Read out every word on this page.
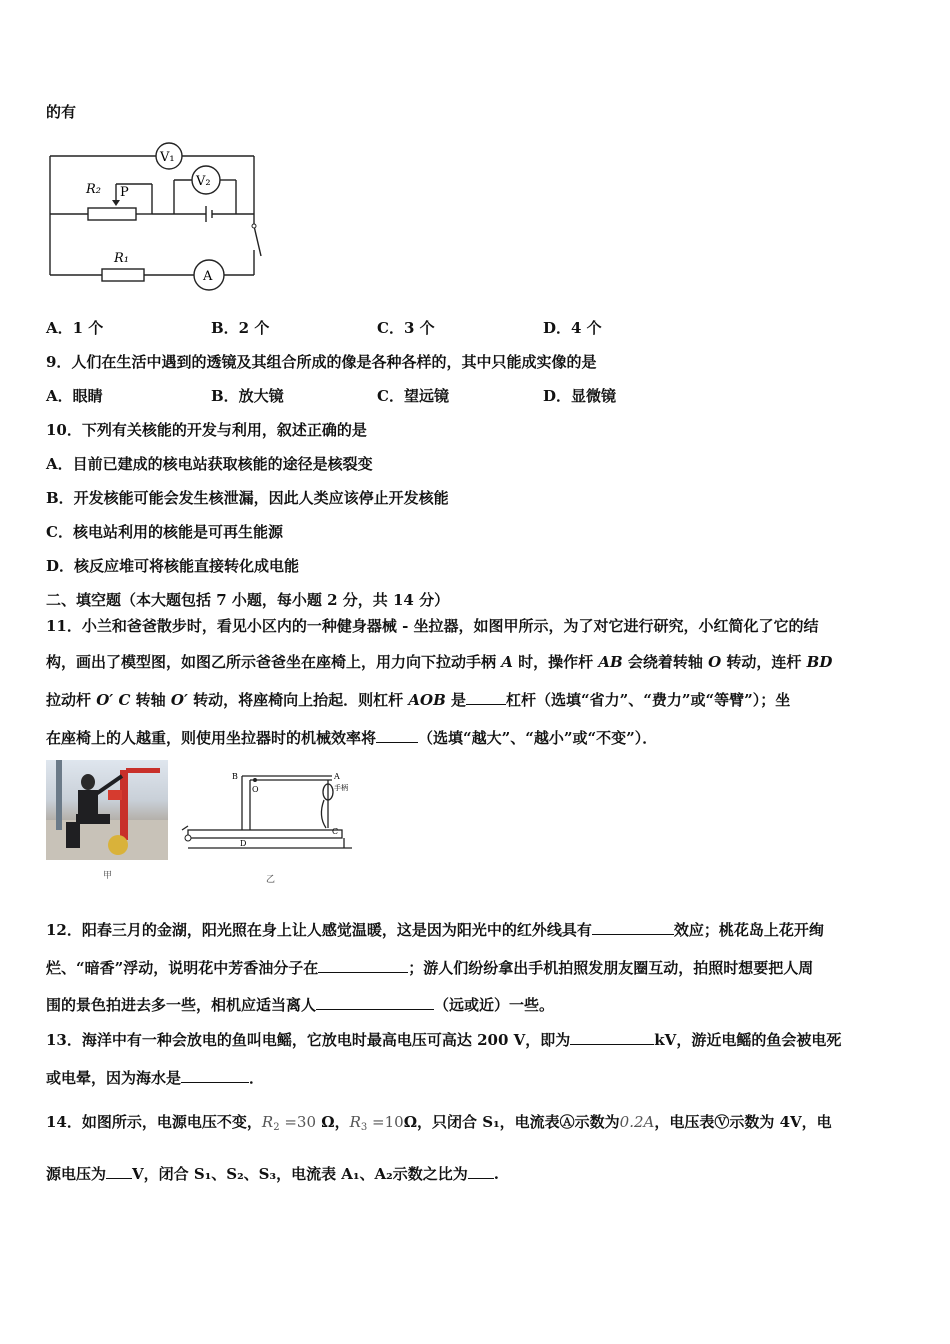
的有
V₁
V₂
R₂ P
R₁
A
A．1 个	B．2 个	C．3 个	D．4 个
9．人们在生活中遇到的透镜及其组合所成的像是各种各样的，其中只能成实像的是
A．眼睛	B．放大镜	C．望远镜	D．显微镜
10．下列有关核能的开发与利用，叙述正确的是
A．目前已建成的核电站获取核能的途径是核裂变
B．开发核能可能会发生核泄漏，因此人类应该停止开发核能
C．核电站利用的核能是可再生能源
D．核反应堆可将核能直接转化成电能
二、填空题（本大题包括 7 小题，每小题 2 分，共 14 分）
11．小兰和爸爸散步时，看见小区内的一种健身器械 - 坐拉器，如图甲所示，为了对它进行研究，小红简化了它的结
构，画出了模型图，如图乙所示爸爸坐在座椅上，用力向下拉动手柄 A 时，操作杆 AB 会绕着转轴 O 转动，连杆 BD
拉动杆 O′ C 转轴 O′ 转动，将座椅向上抬起．则杠杆 AOB 是	杠杆（选填“省力”、“费力”或“等臂”）；坐
在座椅上的人越重，则使用坐拉器时的机械效率将	（选填“越大”、“越小”或“不变”）．
甲
B	A
O
D
C
手柄
乙
12．阳春三月的金湖，阳光照在身上让人感觉温暖，这是因为阳光中的红外线具有	效应；桃花岛上花开绚
烂、“暗香”浮动，说明花中芳香油分子在	；游人们纷纷拿出手机拍照发朋友圈互动，拍照时想要把人周
围的景色拍进去多一些，相机应适当离人	（远或近）一些。
13．海洋中有一种会放电的鱼叫电鳐，它放电时最高电压可高达 200 V，即为	kV，游近电鳐的鱼会被电死
或电晕，因为海水是	．
14．如图所示，电源电压不变，$R_2 =30$ Ω，$R_3 =10\Omega$，只闭合 S₁，电流表Ⓐ示数为0.2A，电压表Ⓥ示数为 4V，电
源电压为 V，闭合 S₁、S₂、S₃，电流表 A₁、A₂示数之比为 .
